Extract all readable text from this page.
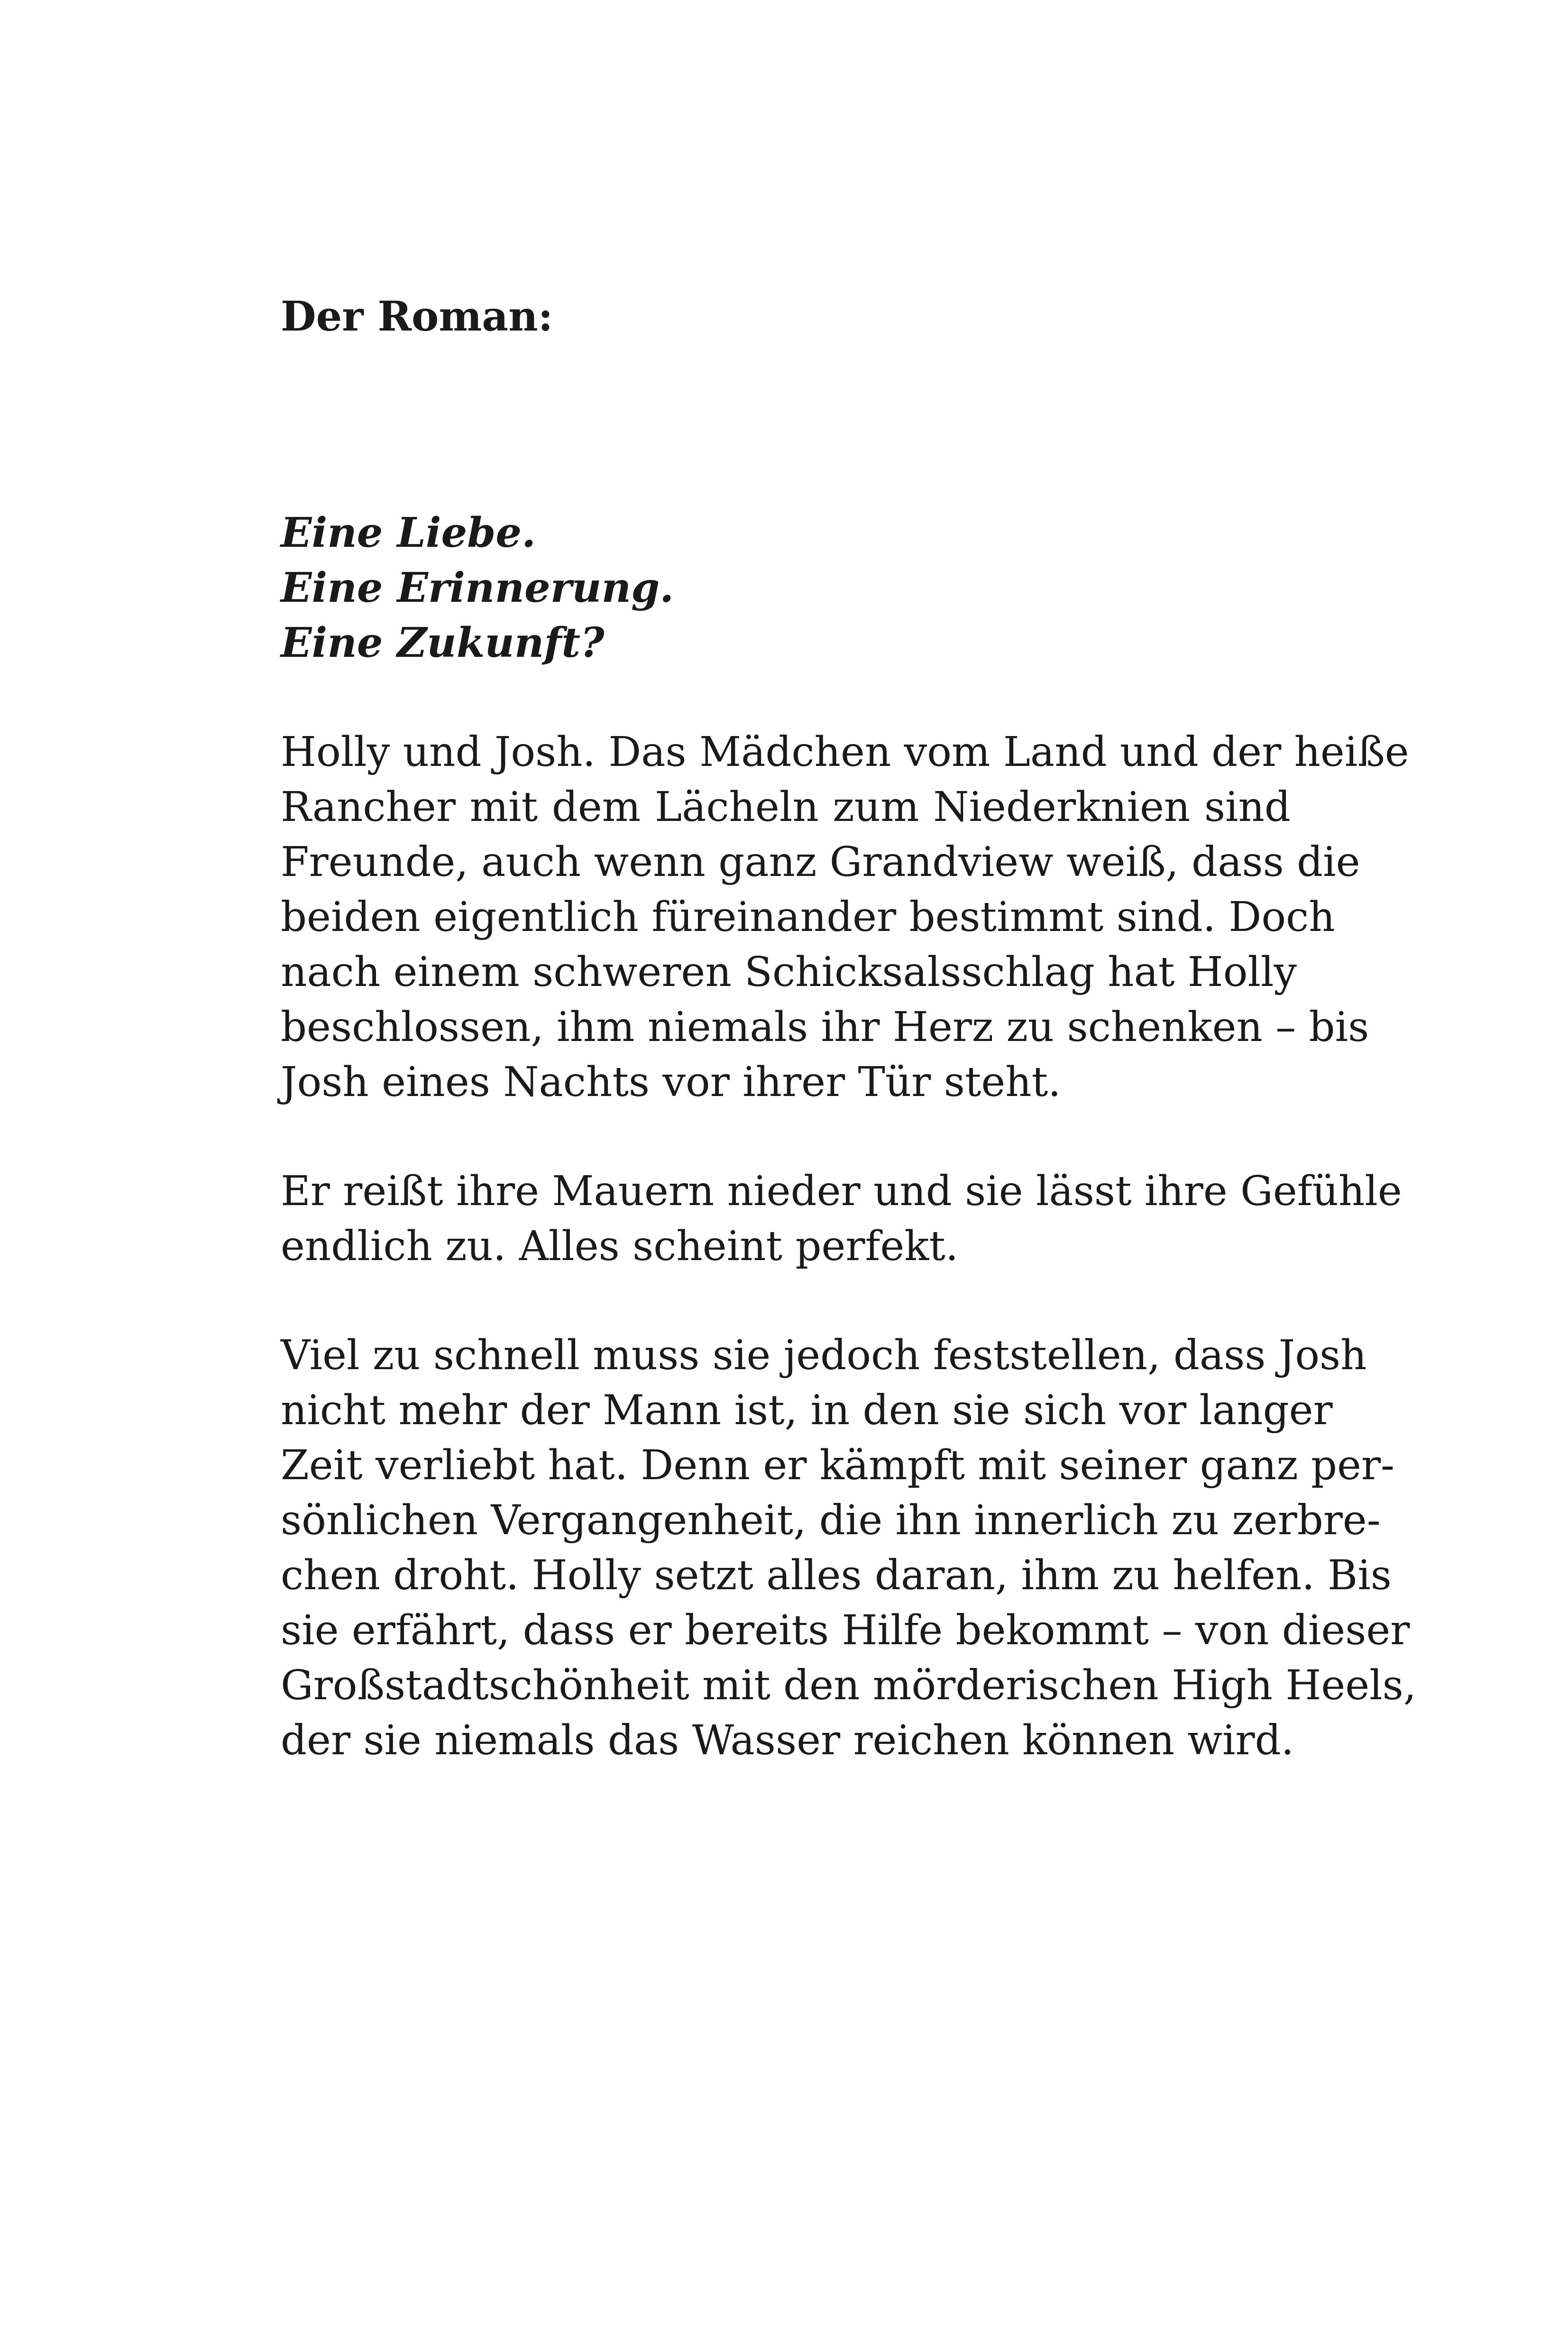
Der Roman:
Eine Liebe.
Eine Erinnerung.
Eine Zukunft?
Holly und Josh. Das Mädchen vom Land und der heiße
Rancher mit dem Lächeln zum Niederknien sind
Freunde, auch wenn ganz Grandview weiß, dass die
beiden eigentlich füreinander bestimmt sind. Doch
nach einem schweren Schicksalsschlag hat Holly
beschlossen, ihm niemals ihr Herz zu schenken – bis
Josh eines Nachts vor ihrer Tür steht.
Er reißt ihre Mauern nieder und sie lässt ihre Gefühle
endlich zu. Alles scheint perfekt.
Viel zu schnell muss sie jedoch feststellen, dass Josh
nicht mehr der Mann ist, in den sie sich vor langer
Zeit verliebt hat. Denn er kämpft mit seiner ganz per-
sönlichen Vergangenheit, die ihn innerlich zu zerbre-
chen droht. Holly setzt alles daran, ihm zu helfen. Bis
sie erfährt, dass er bereits Hilfe bekommt – von dieser
Großstadtschönheit mit den mörderischen High Heels,
der sie niemals das Wasser reichen können wird.
